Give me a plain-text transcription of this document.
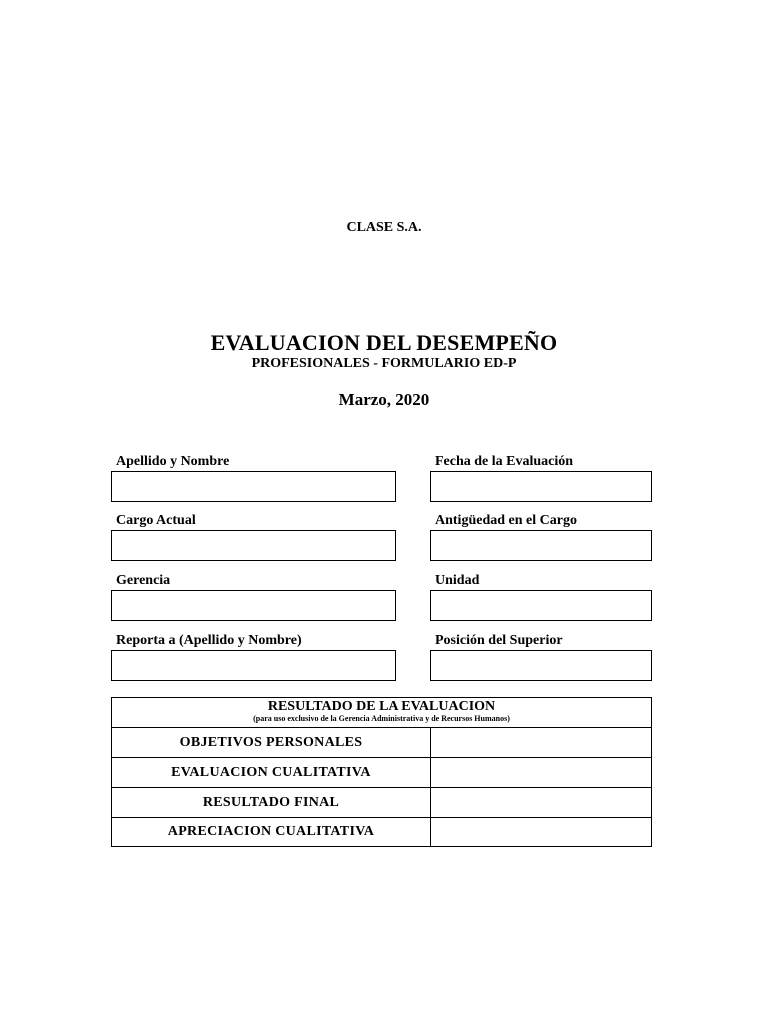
CLASE S.A.
EVALUACION DEL DESEMPEÑO
PROFESIONALES - FORMULARIO ED-P
Marzo, 2020
Apellido y Nombre	Fecha de la Evaluación
Cargo Actual	Antigüedad en el Cargo
Gerencia	Unidad
Reporta a (Apellido y Nombre)	Posición del Superior
RESULTADO DE LA EVALUACION
(para uso exclusivo de la Gerencia Administrativa y de Recursos Humanos)
OBJETIVOS PERSONALES
EVALUACION CUALITATIVA
RESULTADO FINAL
APRECIACION CUALITATIVA
